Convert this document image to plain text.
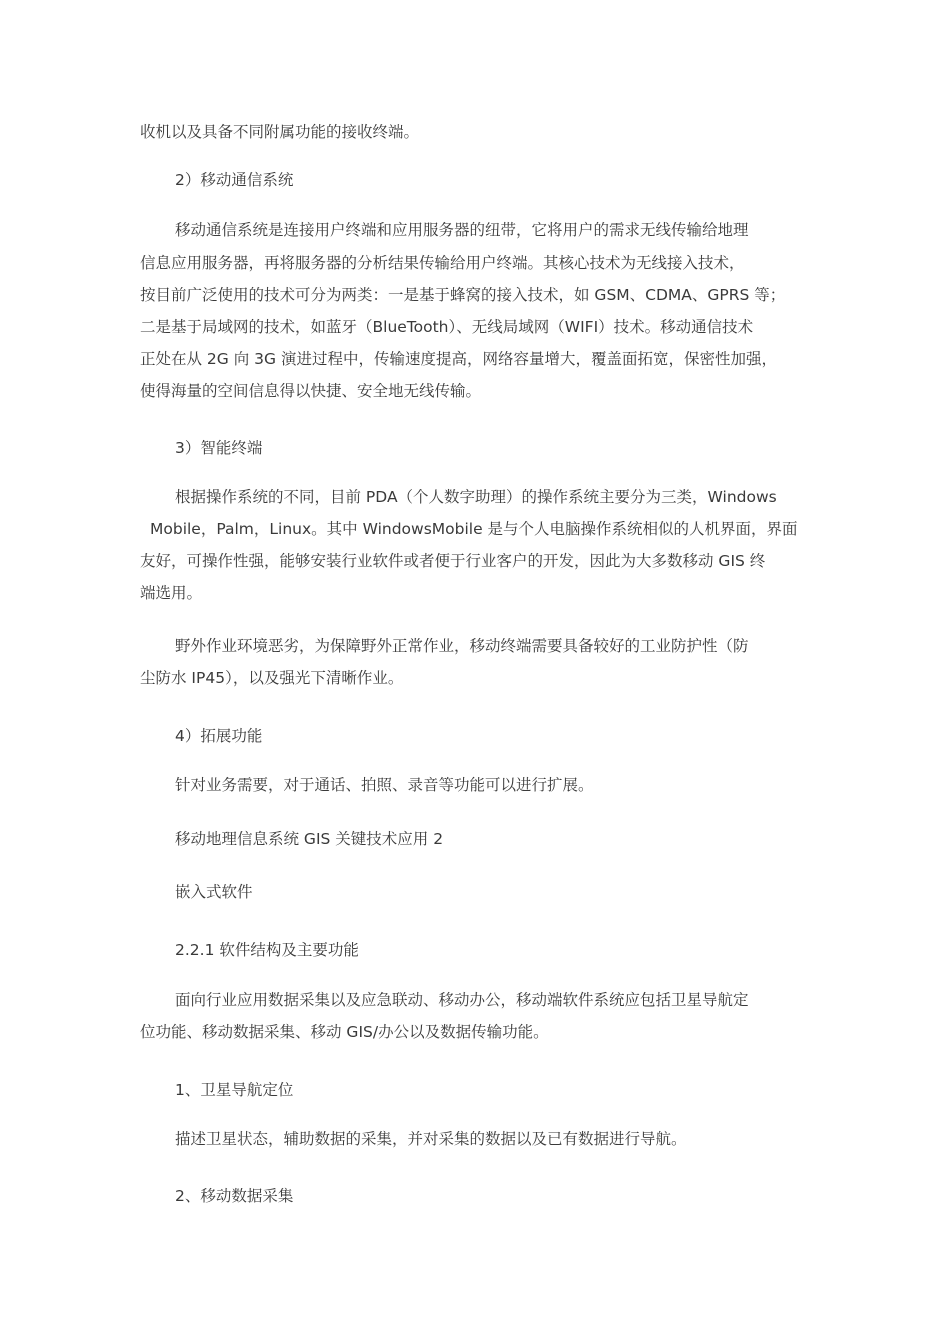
收机以及具备不同附属功能的接收终端。

2）移动通信系统

移动通信系统是连接用户终端和应用服务器的纽带，它将用户的需求无线传输给地理

信息应用服务器，再将服务器的分析结果传输给用户终端。其核心技术为无线接入技术，

按目前广泛使用的技术可分为两类：一是基于蜂窝的接入技术，如 GSM、CDMA、GPRS 等；

二是基于局域网的技术，如蓝牙（BlueTooth）、无线局域网（WIFI）技术。移动通信技术

正处在从 2G 向 3G 演进过程中，传输速度提高，网络容量增大，覆盖面拓宽，保密性加强，

使得海量的空间信息得以快捷、安全地无线传输。

3）智能终端

根据操作系统的不同，目前 PDA（个人数字助理）的操作系统主要分为三类，Windows

Mobile，Palm，Linux。其中 WindowsMobile 是与个人电脑操作系统相似的人机界面，界面

友好，可操作性强，能够安装行业软件或者便于行业客户的开发，因此为大多数移动 GIS 终

端选用。

野外作业环境恶劣，为保障野外正常作业，移动终端需要具备较好的工业防护性（防

尘防水 IP45），以及强光下清晰作业。

4）拓展功能

针对业务需要，对于通话、拍照、录音等功能可以进行扩展。

移动地理信息系统 GIS 关键技术应用 2

嵌入式软件

2.2.1 软件结构及主要功能

面向行业应用数据采集以及应急联动、移动办公，移动端软件系统应包括卫星导航定

位功能、移动数据采集、移动 GIS/办公以及数据传输功能。

1、卫星导航定位

描述卫星状态，辅助数据的采集，并对采集的数据以及已有数据进行导航。

2、移动数据采集
